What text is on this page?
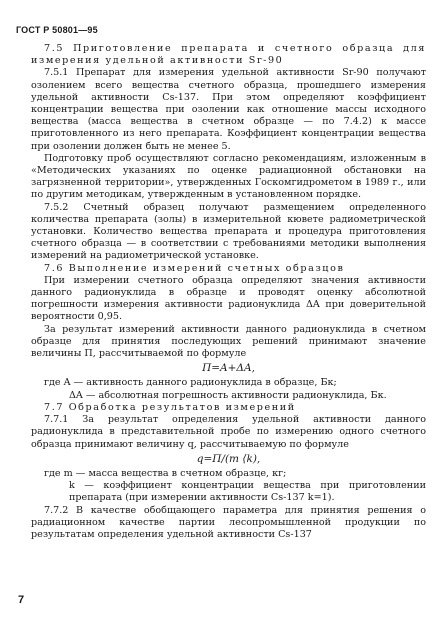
ГОСТ Р 50801—95

7.5 Приготовление препарата и счетного образца для измерения удельной активности Sr-90

7.5.1 Препарат для измерения удельной активности Sr-90 получают озолением всего вещества счетного образца, прошедшего измерения удельной активности Cs-137. При этом определяют коэффициент концентрации вещества при озолении как отношение массы исходного вещества (масса вещества в счетном образце — по 7.4.2) к массе приготовленного из него препарата. Коэффициент концентрации вещества при озолении должен быть не менее 5.

Подготовку проб осуществляют согласно рекомендациям, изложенным в «Методических указаниях по оценке радиационной обстановки на загрязненной территории», утвержденных Госкомгидрометом в 1989 г., или по другим методикам, утвержденным в установленном порядке.

7.5.2 Счетный образец получают размещением определенного количества препарата (золы) в измерительной кювете радиометрической установки. Количество вещества препарата и процедура приготовления счетного образца — в соответствии с требованиями методики выполнения измерений на радиометрической установке.

7.6 Выполнение измерений счетных образцов

При измерении счетного образца определяют значения активности данного радионуклида в образце и проводят оценку абсолютной погрешности измерения активности радионуклида ΔA при доверительной вероятности 0,95.

За результат измерений активности данного радионуклида в счетном образце для принятия последующих решений принимают значение величины П, рассчитываемой по формуле

П=A+ΔA,

где A — активность данного радионуклида в образце, Бк;

ΔA — абсолютная погрешность активности радионуклида, Бк.

7.7 Обработка результатов измерений

7.7.1 За результат определения удельной активности данного радионуклида в представительной пробе по измерению одного счетного образца принимают величину q, рассчитываемую по формуле

q=П/(m ⟨k),

где m — масса вещества в счетном образце, кг;

k — коэффициент концентрации вещества при приготовлении препарата (при измерении активности Cs-137 k=1).

7.7.2 В качестве обобщающего параметра для принятия решения о радиационном качестве партии лесопромышленной продукции по результатам определения удельной активности Cs-137

7
